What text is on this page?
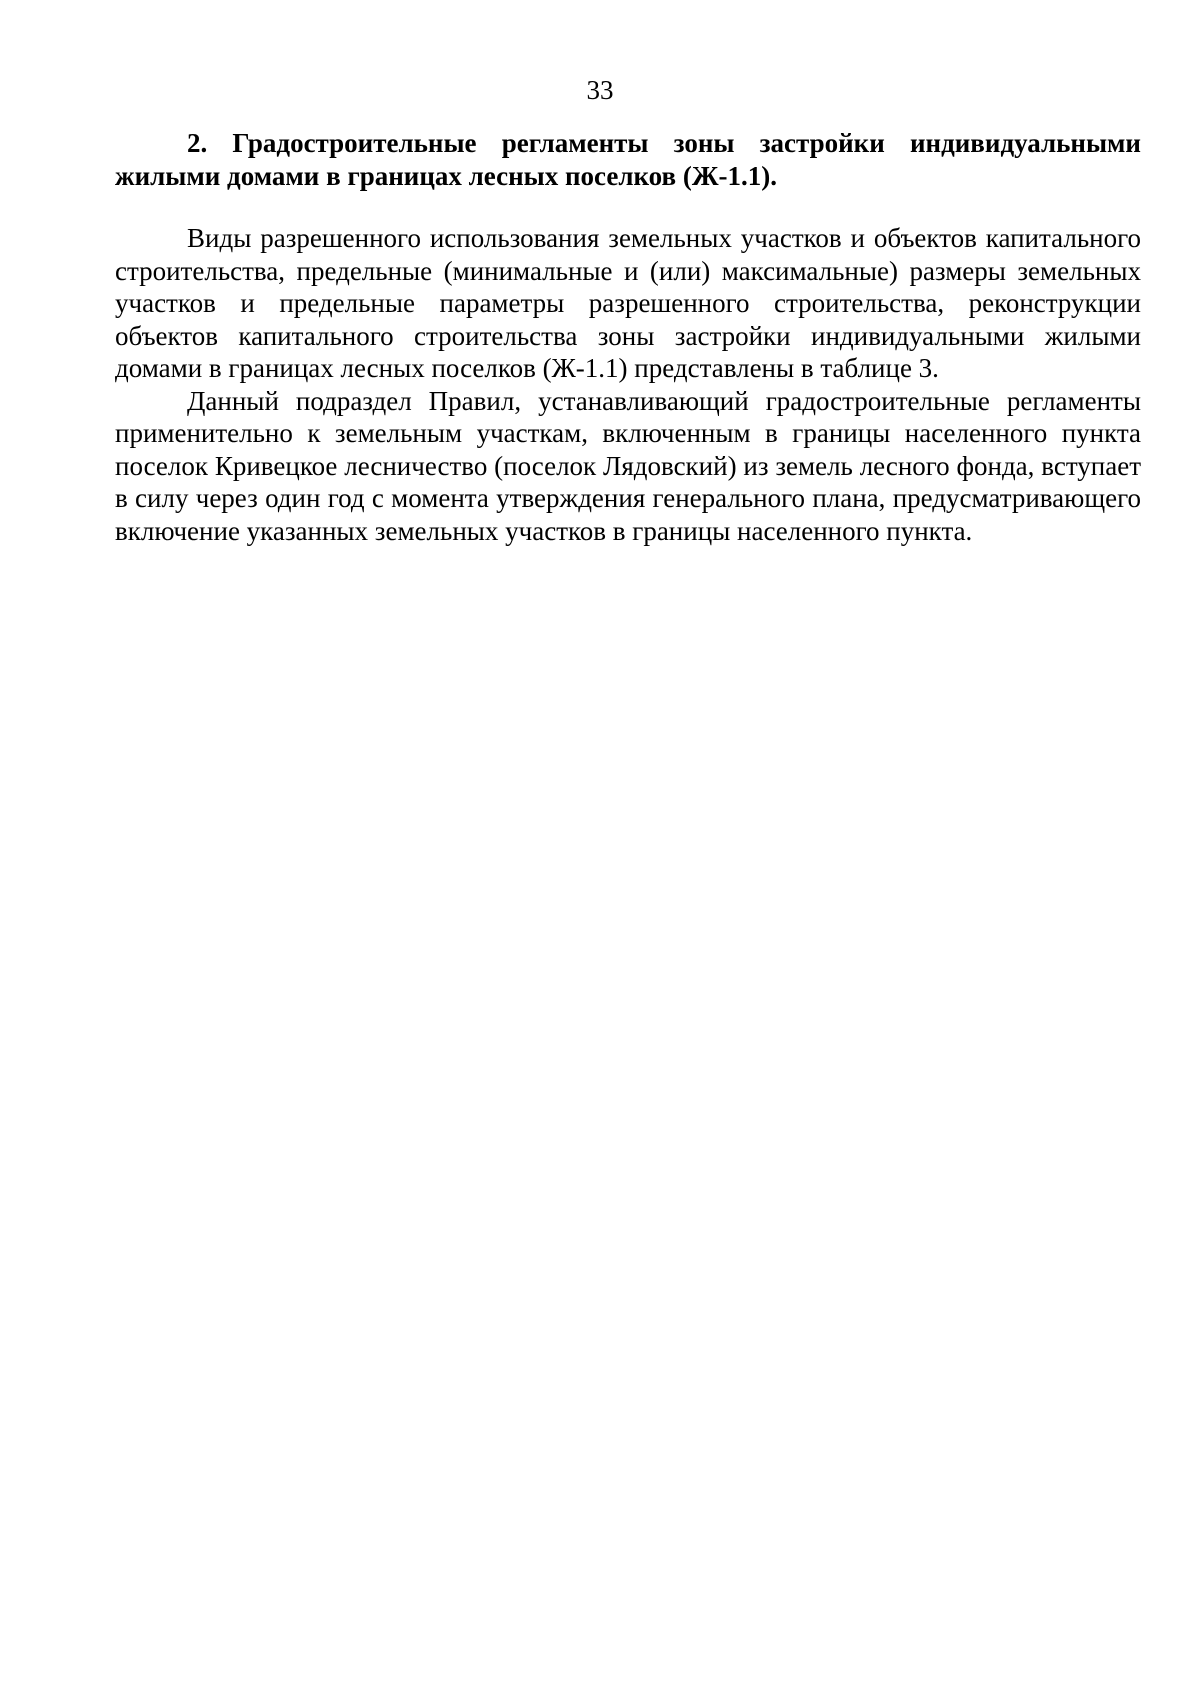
33

2. Градостроительные регламенты зоны застройки индивидуальными жилыми домами в границах лесных поселков (Ж-1.1).

Виды разрешенного использования земельных участков и объектов капитального строительства, предельные (минимальные и (или) максимальные) размеры земельных участков и предельные параметры разрешенного строительства, реконструкции объектов капитального строительства зоны застройки индивидуальными жилыми домами в границах лесных поселков (Ж-1.1) представлены в таблице 3.

Данный подраздел Правил, устанавливающий градостроительные регламенты применительно к земельным участкам, включенным в границы населенного пункта поселок Кривецкое лесничество (поселок Лядовский) из земель лесного фонда, вступает в силу через один год с момента утверждения генерального плана, предусматривающего включение указанных земельных участков в границы населенного пункта.
